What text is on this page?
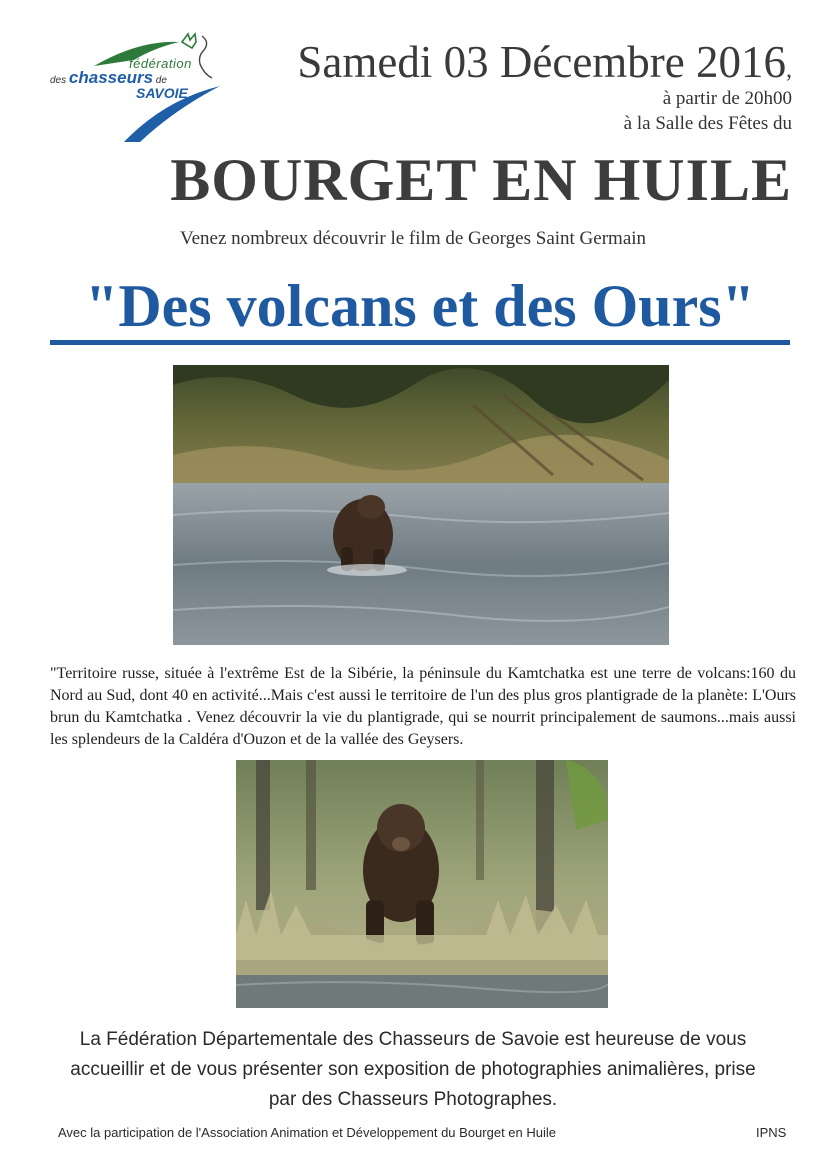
fédération
des chasseurs de
SAVOIE
Samedi 03 Décembre 2016,
à partir de 20h00
à la Salle des Fêtes du
BOURGET EN HUILE
Venez nombreux découvrir le film de Georges Saint Germain
"Des volcans et des Ours"
"Territoire russe, située à l'extrême Est de la Sibérie, la péninsule du Kamtchatka est une terre de volcans:160 du Nord au Sud, dont 40 en activité...Mais c'est aussi le territoire de l'un des plus gros plantigrade de la planète: L'Ours brun du Kamtchatka . Venez découvrir la vie du plantigrade, qui se nourrit principalement de saumons...mais aussi les splendeurs de la Caldéra d'Ouzon et de la vallée des Geysers.
La Fédération Départementale des Chasseurs de Savoie est heureuse de vous
accueillir et de vous présenter son exposition de photographies animalières, prise
par des Chasseurs Photographes.
Avec la participation de l'Association Animation et Développement du Bourget en Huile	IPNS
